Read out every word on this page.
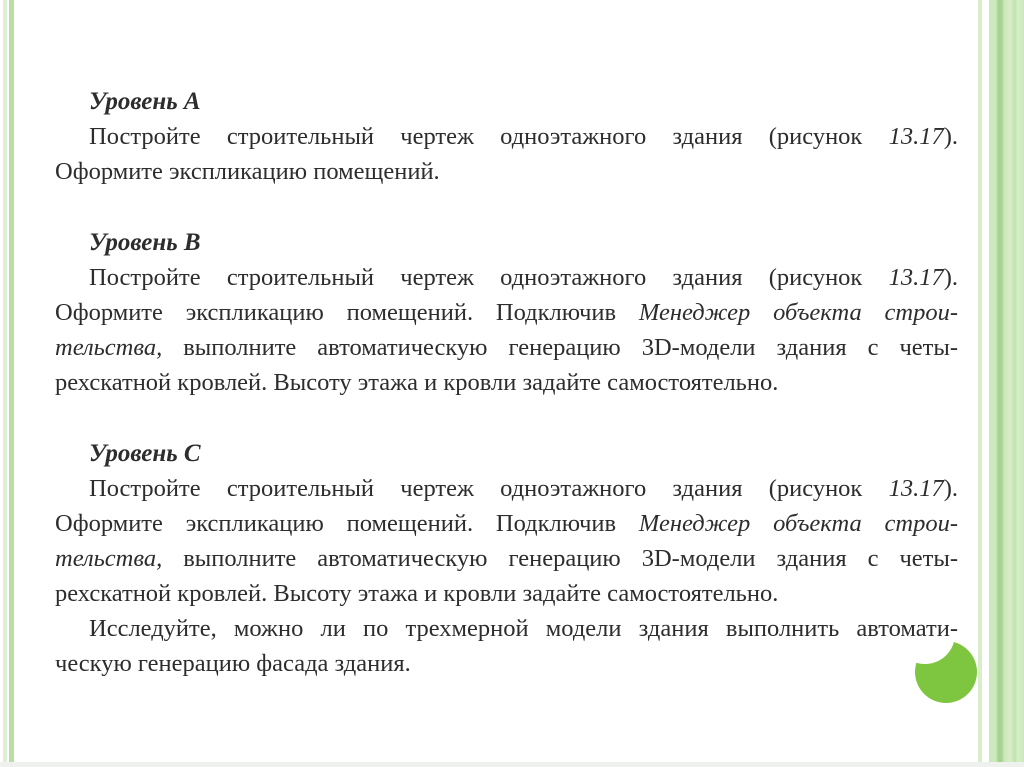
Уровень A
Постройте строительный чертеж одноэтажного здания (рисунок 13.17).
Оформите экспликацию помещений.
Уровень B
Постройте строительный чертеж одноэтажного здания (рисунок 13.17).
Оформите экспликацию помещений. Подключив Менеджер объекта строи-
тельства, выполните автоматическую генерацию 3D-модели здания с четы-
рехскатной кровлей. Высоту этажа и кровли задайте самостоятельно.
Уровень C
Постройте строительный чертеж одноэтажного здания (рисунок 13.17).
Оформите экспликацию помещений. Подключив Менеджер объекта строи-
тельства, выполните автоматическую генерацию 3D-модели здания с четы-
рехскатной кровлей. Высоту этажа и кровли задайте самостоятельно.
Исследуйте, можно ли по трехмерной модели здания выполнить автомати-
ческую генерацию фасада здания.
